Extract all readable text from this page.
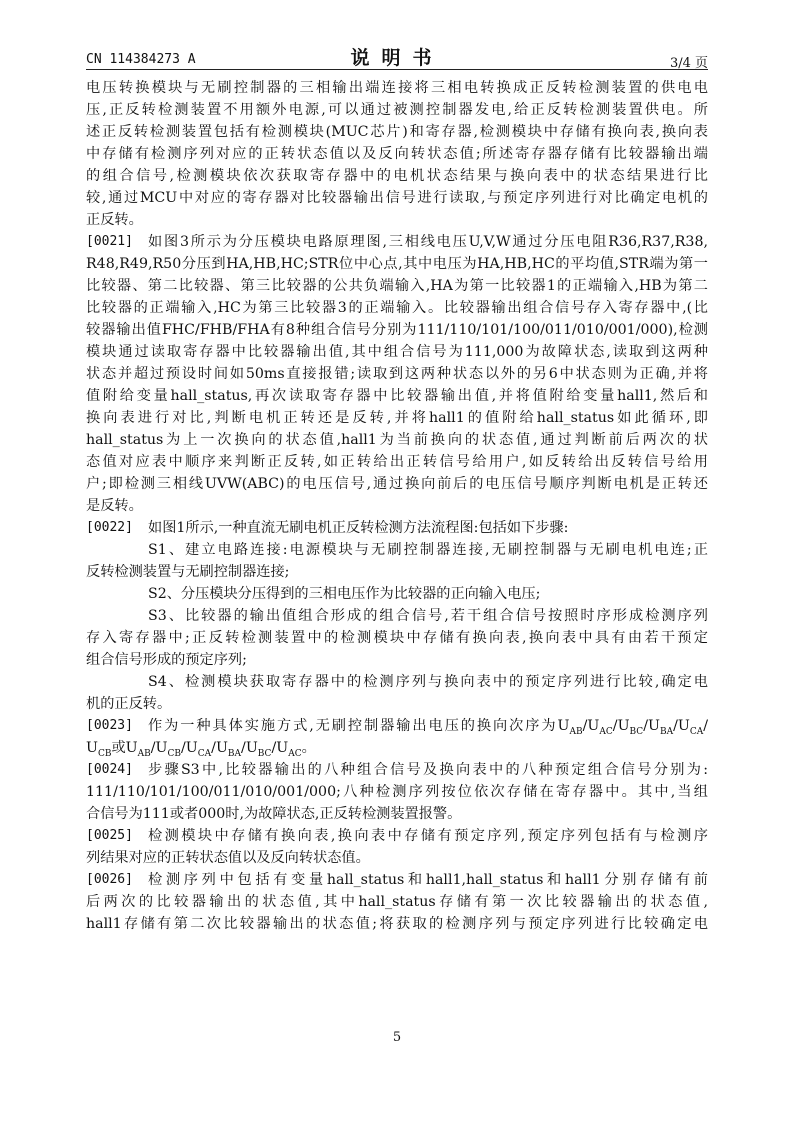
CN 114384273 A	说明书	3/4 页
电压转换模块与无刷控制器的三相输出端连接将三相电转换成正反转检测装置的供电电
压,正反转检测装置不用额外电源,可以通过被测控制器发电,给正反转检测装置供电。所
述正反转检测装置包括有检测模块(MUC芯片)和寄存器,检测模块中存储有换向表,换向表
中存储有检测序列对应的正转状态值以及反向转状态值;所述寄存器存储有比较器输出端
的组合信号,检测模块依次获取寄存器中的电机状态结果与换向表中的状态结果进行比
较,通过MCU中对应的寄存器对比较器输出信号进行读取,与预定序列进行对比确定电机的
正反转。
[0021] 如图3所示为分压模块电路原理图,三相线电压U,V,W通过分压电阻R36,R37,R38,
R48,R49,R50分压到HA,HB,HC;STR位中心点,其中电压为HA,HB,HC的平均值,STR端为第一
比较器、第二比较器、第三比较器的公共负端输入,HA为第一比较器1的正端输入,HB为第二
比较器的正端输入,HC为第三比较器3的正端输入。比较器输出组合信号存入寄存器中,(比
较器输出值FHC/FHB/FHA有8种组合信号分别为111/110/101/100/011/010/001/000),检测
模块通过读取寄存器中比较器输出值,其中组合信号为111,000为故障状态,读取到这两种
状态并超过预设时间如50ms直接报错;读取到这两种状态以外的另6中状态则为正确,并将
值附给变量hall_status,再次读取寄存器中比较器输出值,并将值附给变量hall1,然后和
换向表进行对比,判断电机正转还是反转,并将hall1的值附给hall_status如此循环,即
hall_status为上一次换向的状态值,hall1为当前换向的状态值,通过判断前后两次的状
态值对应表中顺序来判断正反转,如正转给出正转信号给用户,如反转给出反转信号给用
户;即检测三相线UVW(ABC)的电压信号,通过换向前后的电压信号顺序判断电机是正转还
是反转。
[0022] 如图1所示,一种直流无刷电机正反转检测方法流程图:包括如下步骤:
S1、建立电路连接:电源模块与无刷控制器连接,无刷控制器与无刷电机电连;正
反转检测装置与无刷控制器连接;
S2、分压模块分压得到的三相电压作为比较器的正向输入电压;
S3、比较器的输出值组合形成的组合信号,若干组合信号按照时序形成检测序列
存入寄存器中;正反转检测装置中的检测模块中存储有换向表,换向表中具有由若干预定
组合信号形成的预定序列;
S4、检测模块获取寄存器中的检测序列与换向表中的预定序列进行比较,确定电
机的正反转。
[0023] 作为一种具体实施方式,无刷控制器输出电压的换向次序为$U_{AB}/U_{AC}/U_{BC}/U_{BA}/U_{CA}/$
$U_{CB}$或$U_{AB}/U_{CB}/U_{CA}/U_{BA}/U_{BC}/U_{AC}$。
[0024] 步骤S3中,比较器输出的八种组合信号及换向表中的八种预定组合信号分别为:
111/110/101/100/011/010/001/000;八种检测序列按位依次存储在寄存器中。其中,当组
合信号为111或者000时,为故障状态,正反转检测装置报警。
[0025] 检测模块中存储有换向表,换向表中存储有预定序列,预定序列包括有与检测序
列结果对应的正转状态值以及反向转状态值。
[0026] 检测序列中包括有变量hall_status和hall1,hall_status和hall1分别存储有前
后两次的比较器输出的状态值,其中hall_status存储有第一次比较器输出的状态值,
hall1存储有第二次比较器输出的状态值;将获取的检测序列与预定序列进行比较确定电
5
